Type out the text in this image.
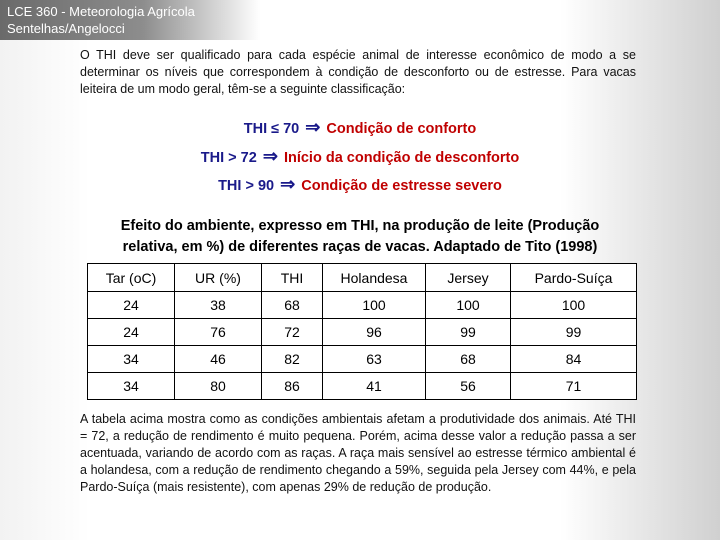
LCE 360 - Meteorologia Agrícola
Sentelhas/Angelocci
O THI deve ser qualificado para cada espécie animal de interesse econômico de modo a se determinar os níveis que correspondem à condição de desconforto ou de estresse. Para vacas leiteira de um modo geral, têm-se a seguinte classificação:
THI ≤ 70 ⇒ Condição de conforto
THI > 72 ⇒ Início da condição de desconforto
THI > 90 ⇒ Condição de estresse severo
Efeito do ambiente, expresso em THI, na produção de leite (Produção
relativa, em %) de diferentes raças de vacas. Adaptado de Tito (1998)
Tar (oC)	UR (%)	THI	Holandesa	Jersey	Pardo-Suíça
24	38	68	100	100	100
24	76	72	96	99	99
34	46	82	63	68	84
34	80	86	41	56	71
A tabela acima mostra como as condições ambientais afetam a produtividade dos animais. Até THI = 72, a redução de rendimento é muito pequena. Porém, acima desse valor a redução passa a ser acentuada, variando de acordo com as raças. A raça mais sensível ao estresse térmico ambiental é a holandesa, com a redução de rendimento chegando a 59%, seguida pela Jersey com 44%, e pela Pardo-Suíça (mais resistente), com apenas 29% de redução de produção.
